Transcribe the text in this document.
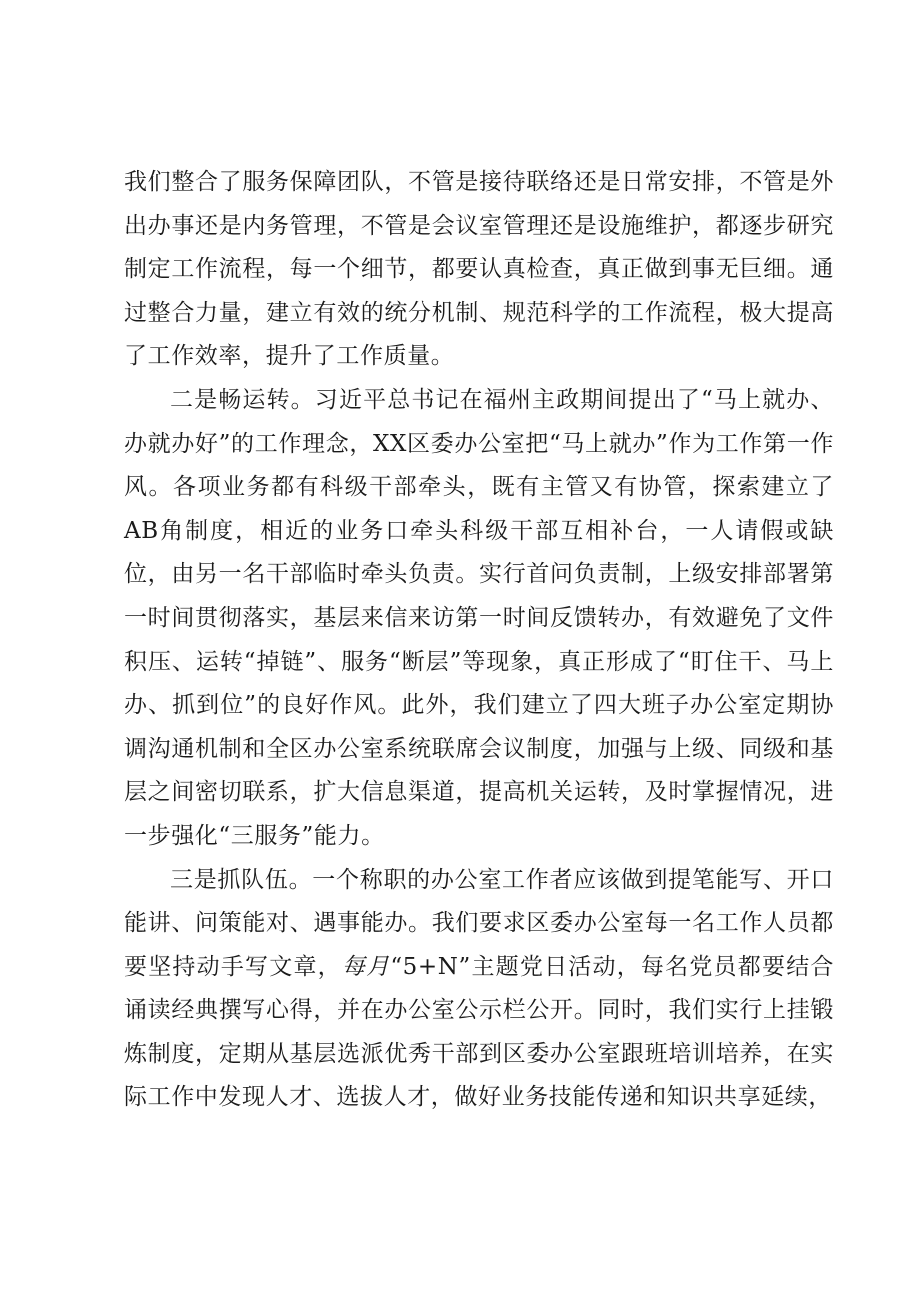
我们整合了服务保障团队，不管是接待联络还是日常安排，不管是外出办事还是内务管理，不管是会议室管理还是设施维护，都逐步研究制定工作流程，每一个细节，都要认真检查，真正做到事无巨细。通过整合力量，建立有效的统分机制、规范科学的工作流程，极大提高了工作效率，提升了工作质量。

二是畅运转。习近平总书记在福州主政期间提出了“马上就办、办就办好”的工作理念，XX区委办公室把“马上就办”作为工作第一作风。各项业务都有科级干部牵头，既有主管又有协管，探索建立了AB角制度，相近的业务口牵头科级干部互相补台，一人请假或缺位，由另一名干部临时牵头负责。实行首问负责制，上级安排部署第一时间贯彻落实，基层来信来访第一时间反馈转办，有效避免了文件积压、运转“掉链”、服务“断层”等现象，真正形成了“盯住干、马上办、抓到位”的良好作风。此外，我们建立了四大班子办公室定期协调沟通机制和全区办公室系统联席会议制度，加强与上级、同级和基层之间密切联系，扩大信息渠道，提高机关运转，及时掌握情况，进一步强化“三服务”能力。

三是抓队伍。一个称职的办公室工作者应该做到提笔能写、开口能讲、问策能对、遇事能办。我们要求区委办公室每一名工作人员都要坚持动手写文章，每月“5+N”主题党日活动，每名党员都要结合诵读经典撰写心得，并在办公室公示栏公开。同时，我们实行上挂锻炼制度，定期从基层选派优秀干部到区委办公室跟班培训培养，在实际工作中发现人才、选拔人才，做好业务技能传递和知识共享延续，
